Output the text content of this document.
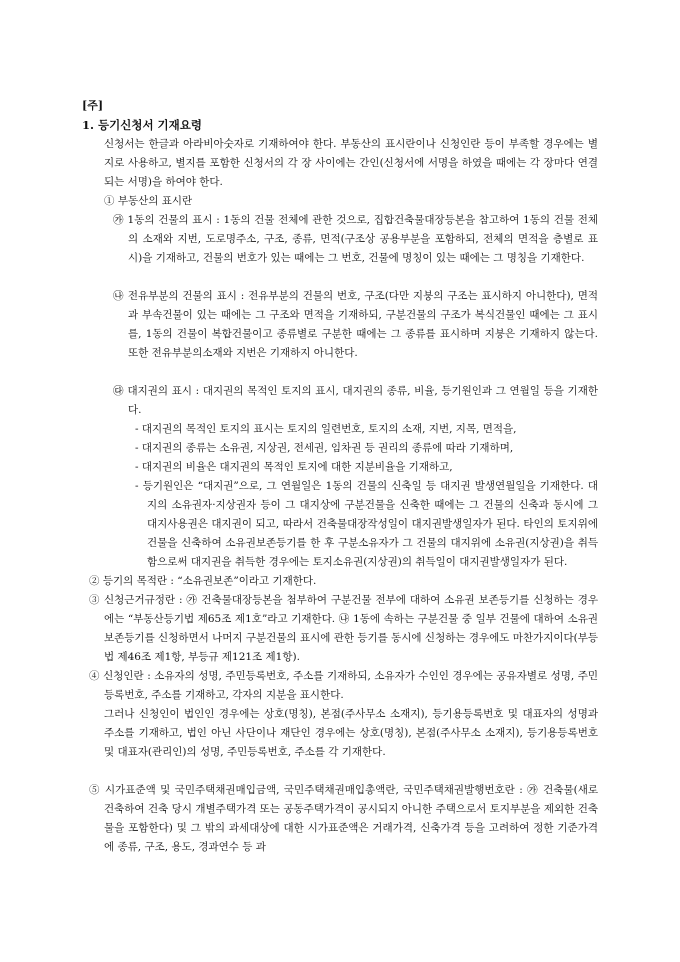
[주]

1. 등기신청서 기재요령

신청서는 한글과 아라비아숫자로 기재하여야 한다. 부동산의 표시란이나 신청인란 등이 부족할 경우에는 별지로 사용하고, 별지를 포함한 신청서의 각 장 사이에는 간인(신청서에 서명을 하였을 때에는 각 장마다 연결되는 서명)을 하여야 한다.

① 부동산의 표시란

㉮ 1동의 건물의 표시 : 1동의 건물 전체에 관한 것으로, 집합건축물대장등본을 참고하여 1동의 건물 전체의 소재와 지번, 도로명주소, 구조, 종류, 면적(구조상 공용부분을 포함하되, 전체의 면적을 층별로 표시)을 기재하고, 건물의 번호가 있는 때에는 그 번호, 건물에 명칭이 있는 때에는 그 명칭을 기재한다.

㉯ 전유부분의 건물의 표시 : 전유부분의 건물의 번호, 구조(다만 지붕의 구조는 표시하지 아니한다), 면적과 부속건물이 있는 때에는 그 구조와 면적을 기재하되, 구분건물의 구조가 복식건물인 때에는 그 표시를, 1동의 건물이 복합건물이고 종류별로 구분한 때에는 그 종류를 표시하며 지붕은 기재하지 않는다. 또한 전유부분의소재와 지번은 기재하지 아니한다.

㉰ 대지권의 표시 : 대지권의 목적인 토지의 표시, 대지권의 종류, 비율, 등기원인과 그 연월일 등을 기재한다.

- 대지권의 목적인 토지의 표시는 토지의 일련번호, 토지의 소재, 지번, 지목, 면적을,

- 대지권의 종류는 소유권, 지상권, 전세권, 임차권 등 권리의 종류에 따라 기재하며,

- 대지권의 비율은 대지권의 목적인 토지에 대한 지분비율을 기재하고,

- 등기원인은 “대지권”으로, 그 연월일은 1동의 건물의 신축일 등 대지권 발생연월일을 기재한다. 대지의 소유권자·지상권자 등이 그 대지상에 구분건물을 신축한 때에는 그 건물의 신축과 동시에 그 대지사용권은 대지권이 되고, 따라서 건축물대장작성일이 대지권발생일자가 된다. 타인의 토지위에 건물을 신축하여 소유권보존등기를 한 후 구분소유자가 그 건물의 대지위에 소유권(지상권)을 취득함으로써 대지권을 취득한 경우에는 토지소유권(지상권)의 취득일이 대지권발생일자가 된다.

② 등기의 목적란 : “소유권보존”이라고 기재한다.

③ 신청근거규정란 : ㉮ 건축물대장등본을 첨부하여 구분건물 전부에 대하여 소유권 보존등기를 신청하는 경우에는 “부동산등기법 제65조 제1호”라고 기재한다. ㉯ 1동에 속하는 구분건물 중 일부 건물에 대하여 소유권보존등기를 신청하면서 나머지 구분건물의 표시에 관한 등기를 동시에 신청하는 경우에도 마찬가지이다(부등법 제46조 제1항, 부등규 제121조 제1항).

④ 신청인란 : 소유자의 성명, 주민등록번호, 주소를 기재하되, 소유자가 수인인 경우에는 공유자별로 성명, 주민등록번호, 주소를 기재하고, 각자의 지분을 표시한다.

그러나 신청인이 법인인 경우에는 상호(명칭), 본점(주사무소 소재지), 등기용등록번호 및 대표자의 성명과 주소를 기재하고, 법인 아닌 사단이나 재단인 경우에는 상호(명칭), 본점(주사무소 소재지), 등기용등록번호 및 대표자(관리인)의 성명, 주민등록번호, 주소를 각 기재한다.

⑤ 시가표준액 및 국민주택채권매입금액, 국민주택채권매입총액란, 국민주택채권발행번호란 : ㉮ 건축물(새로 건축하여 건축 당시 개별주택가격 또는 공동주택가격이 공시되지 아니한 주택으로서 토지부분을 제외한 건축물을 포함한다) 및 그 밖의 과세대상에 대한 시가표준액은 거래가격, 신축가격 등을 고려하여 정한 기준가격에 종류, 구조, 용도, 경과연수 등 과
